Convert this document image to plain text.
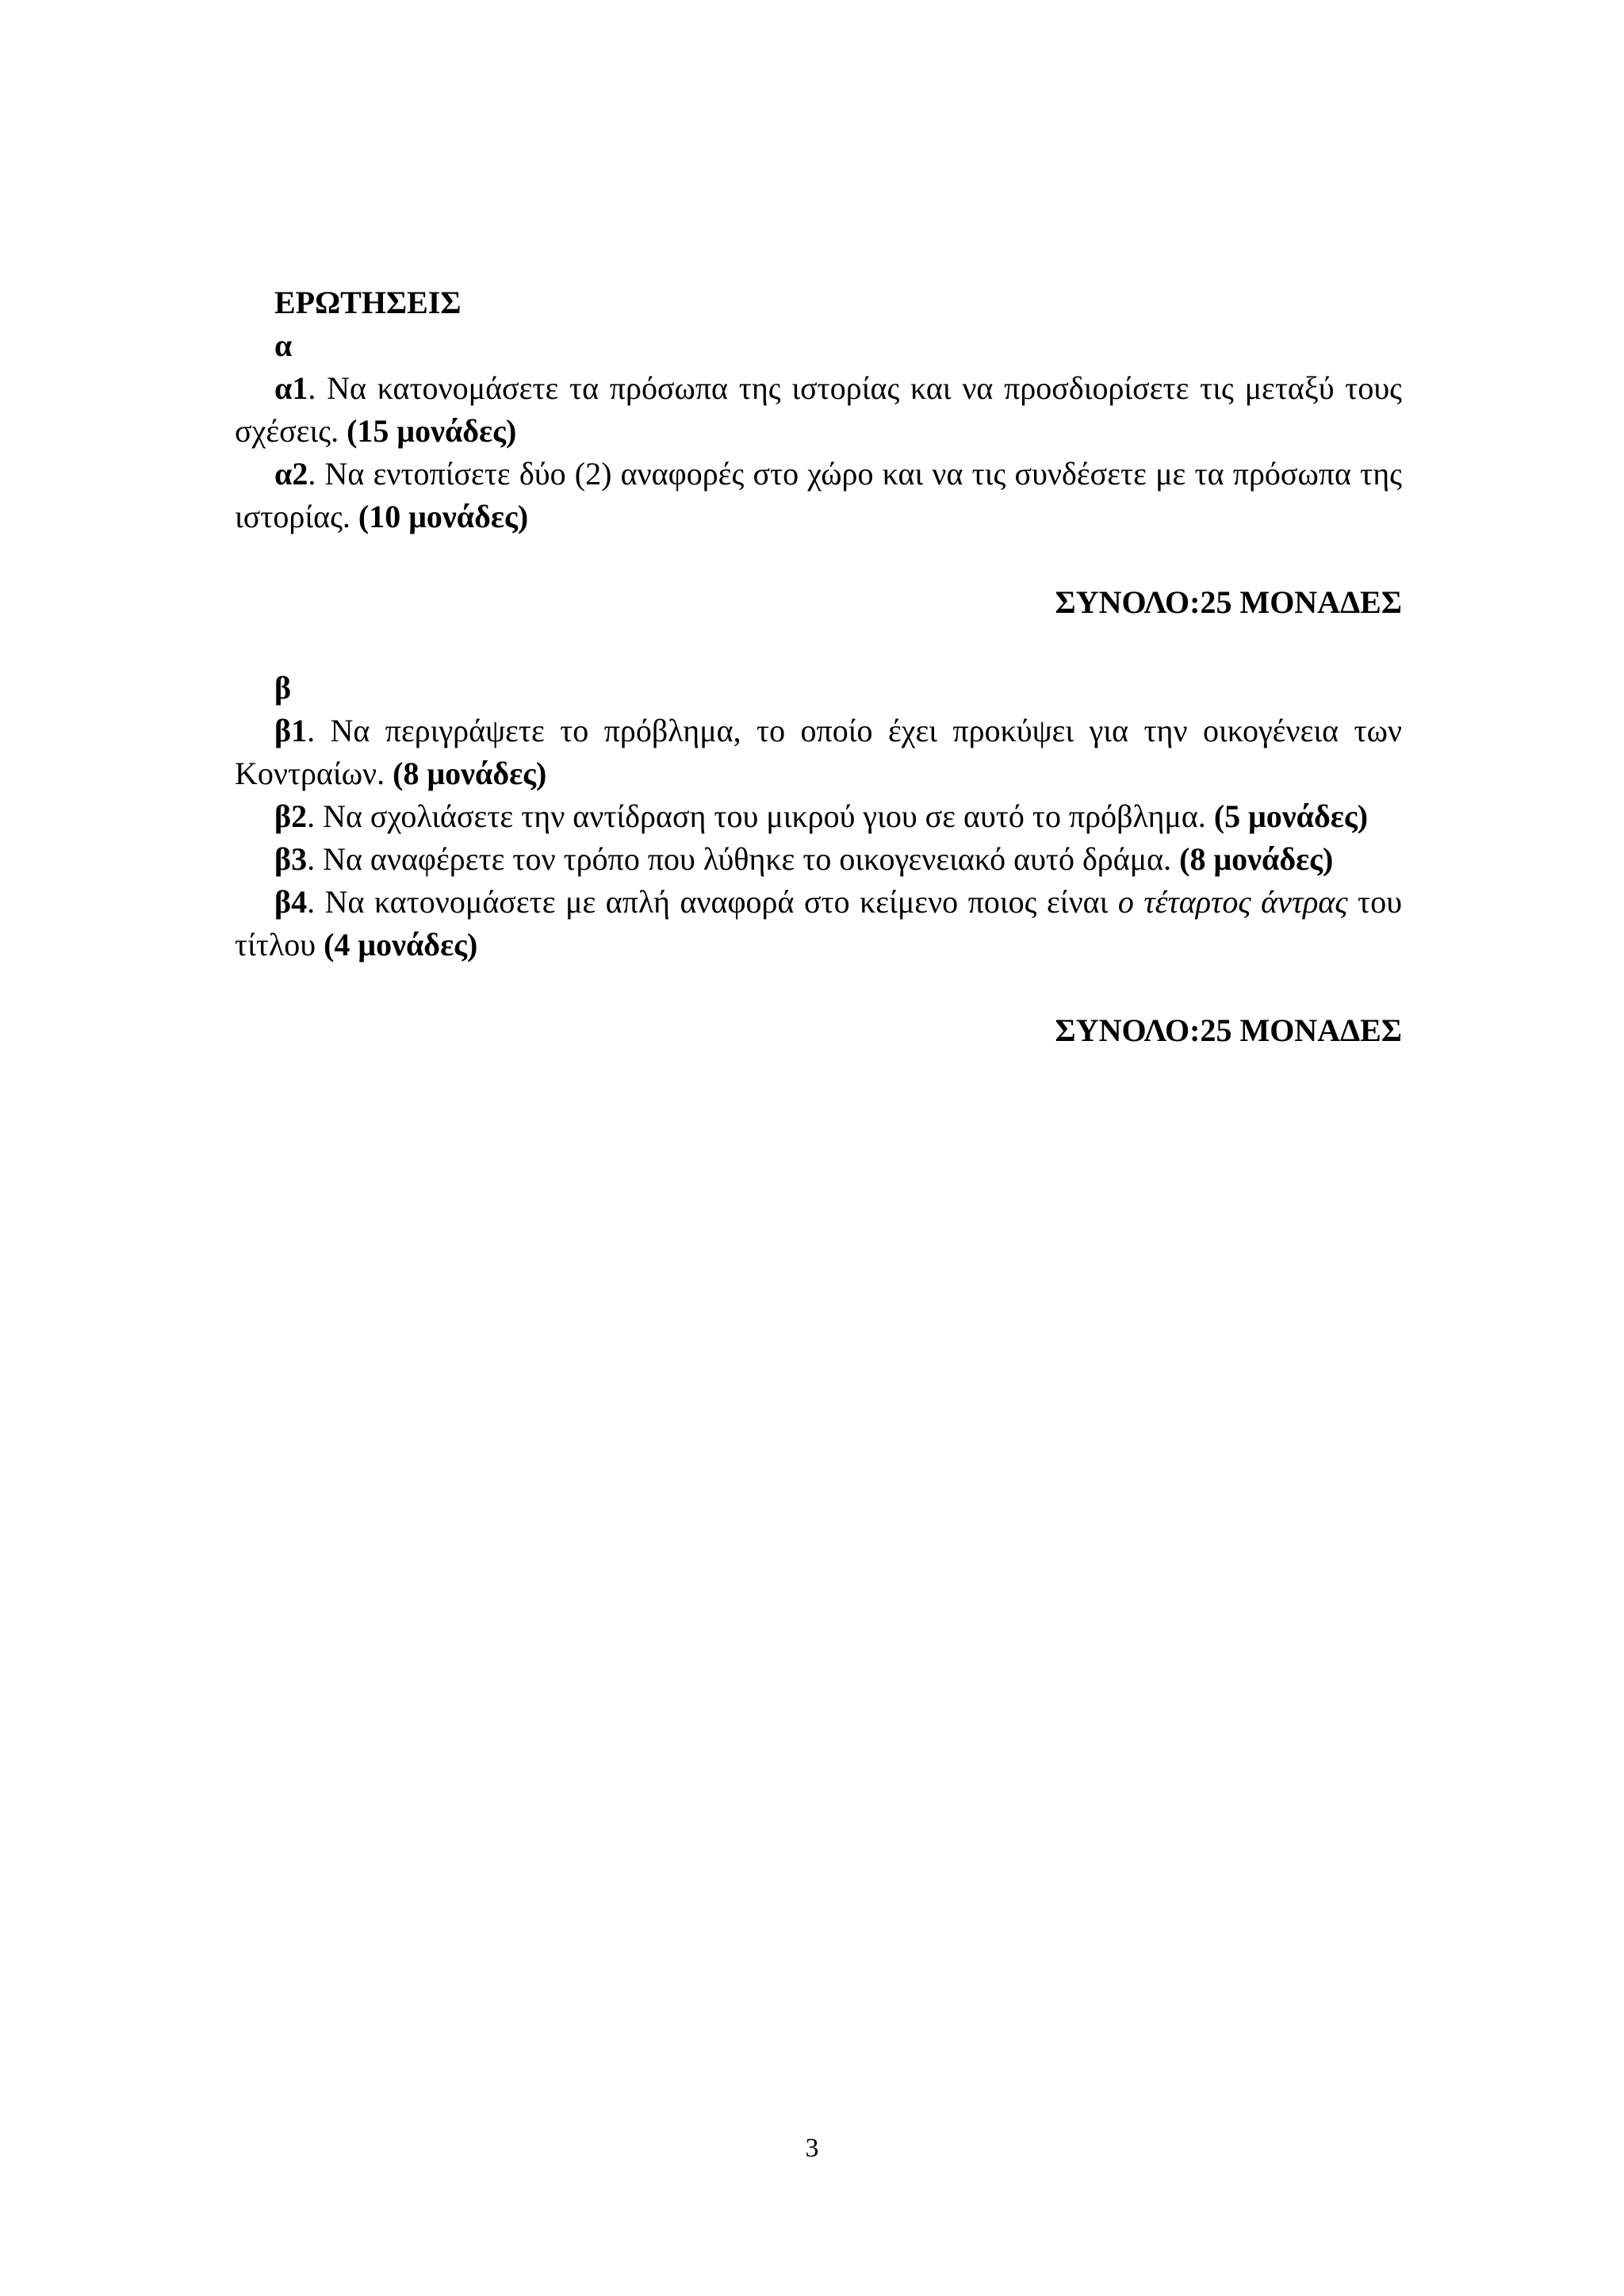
ΕΡΩΤΗΣΕΙΣ

α

α1. Να κατονομάσετε τα πρόσωπα της ιστορίας και να προσδιορίσετε τις μεταξύ τους σχέσεις. (15 μονάδες)

α2. Να εντοπίσετε δύο (2) αναφορές στο χώρο και να τις συνδέσετε με τα πρόσωπα της ιστορίας. (10 μονάδες)

ΣΥΝΟΛΟ:25 ΜΟΝΑΔΕΣ

β

β1. Να περιγράψετε το πρόβλημα, το οποίο έχει προκύψει για την οικογένεια των Κοντραίων. (8 μονάδες)

β2. Να σχολιάσετε την αντίδραση του μικρού γιου σε αυτό το πρόβλημα. (5 μονάδες)

β3. Να αναφέρετε τον τρόπο που λύθηκε το οικογενειακό αυτό δράμα. (8 μονάδες)

β4. Να κατονομάσετε με απλή αναφορά στο κείμενο ποιος είναι ο τέταρτος άντρας του τίτλου (4 μονάδες)

ΣΥΝΟΛΟ:25 ΜΟΝΑΔΕΣ

3
